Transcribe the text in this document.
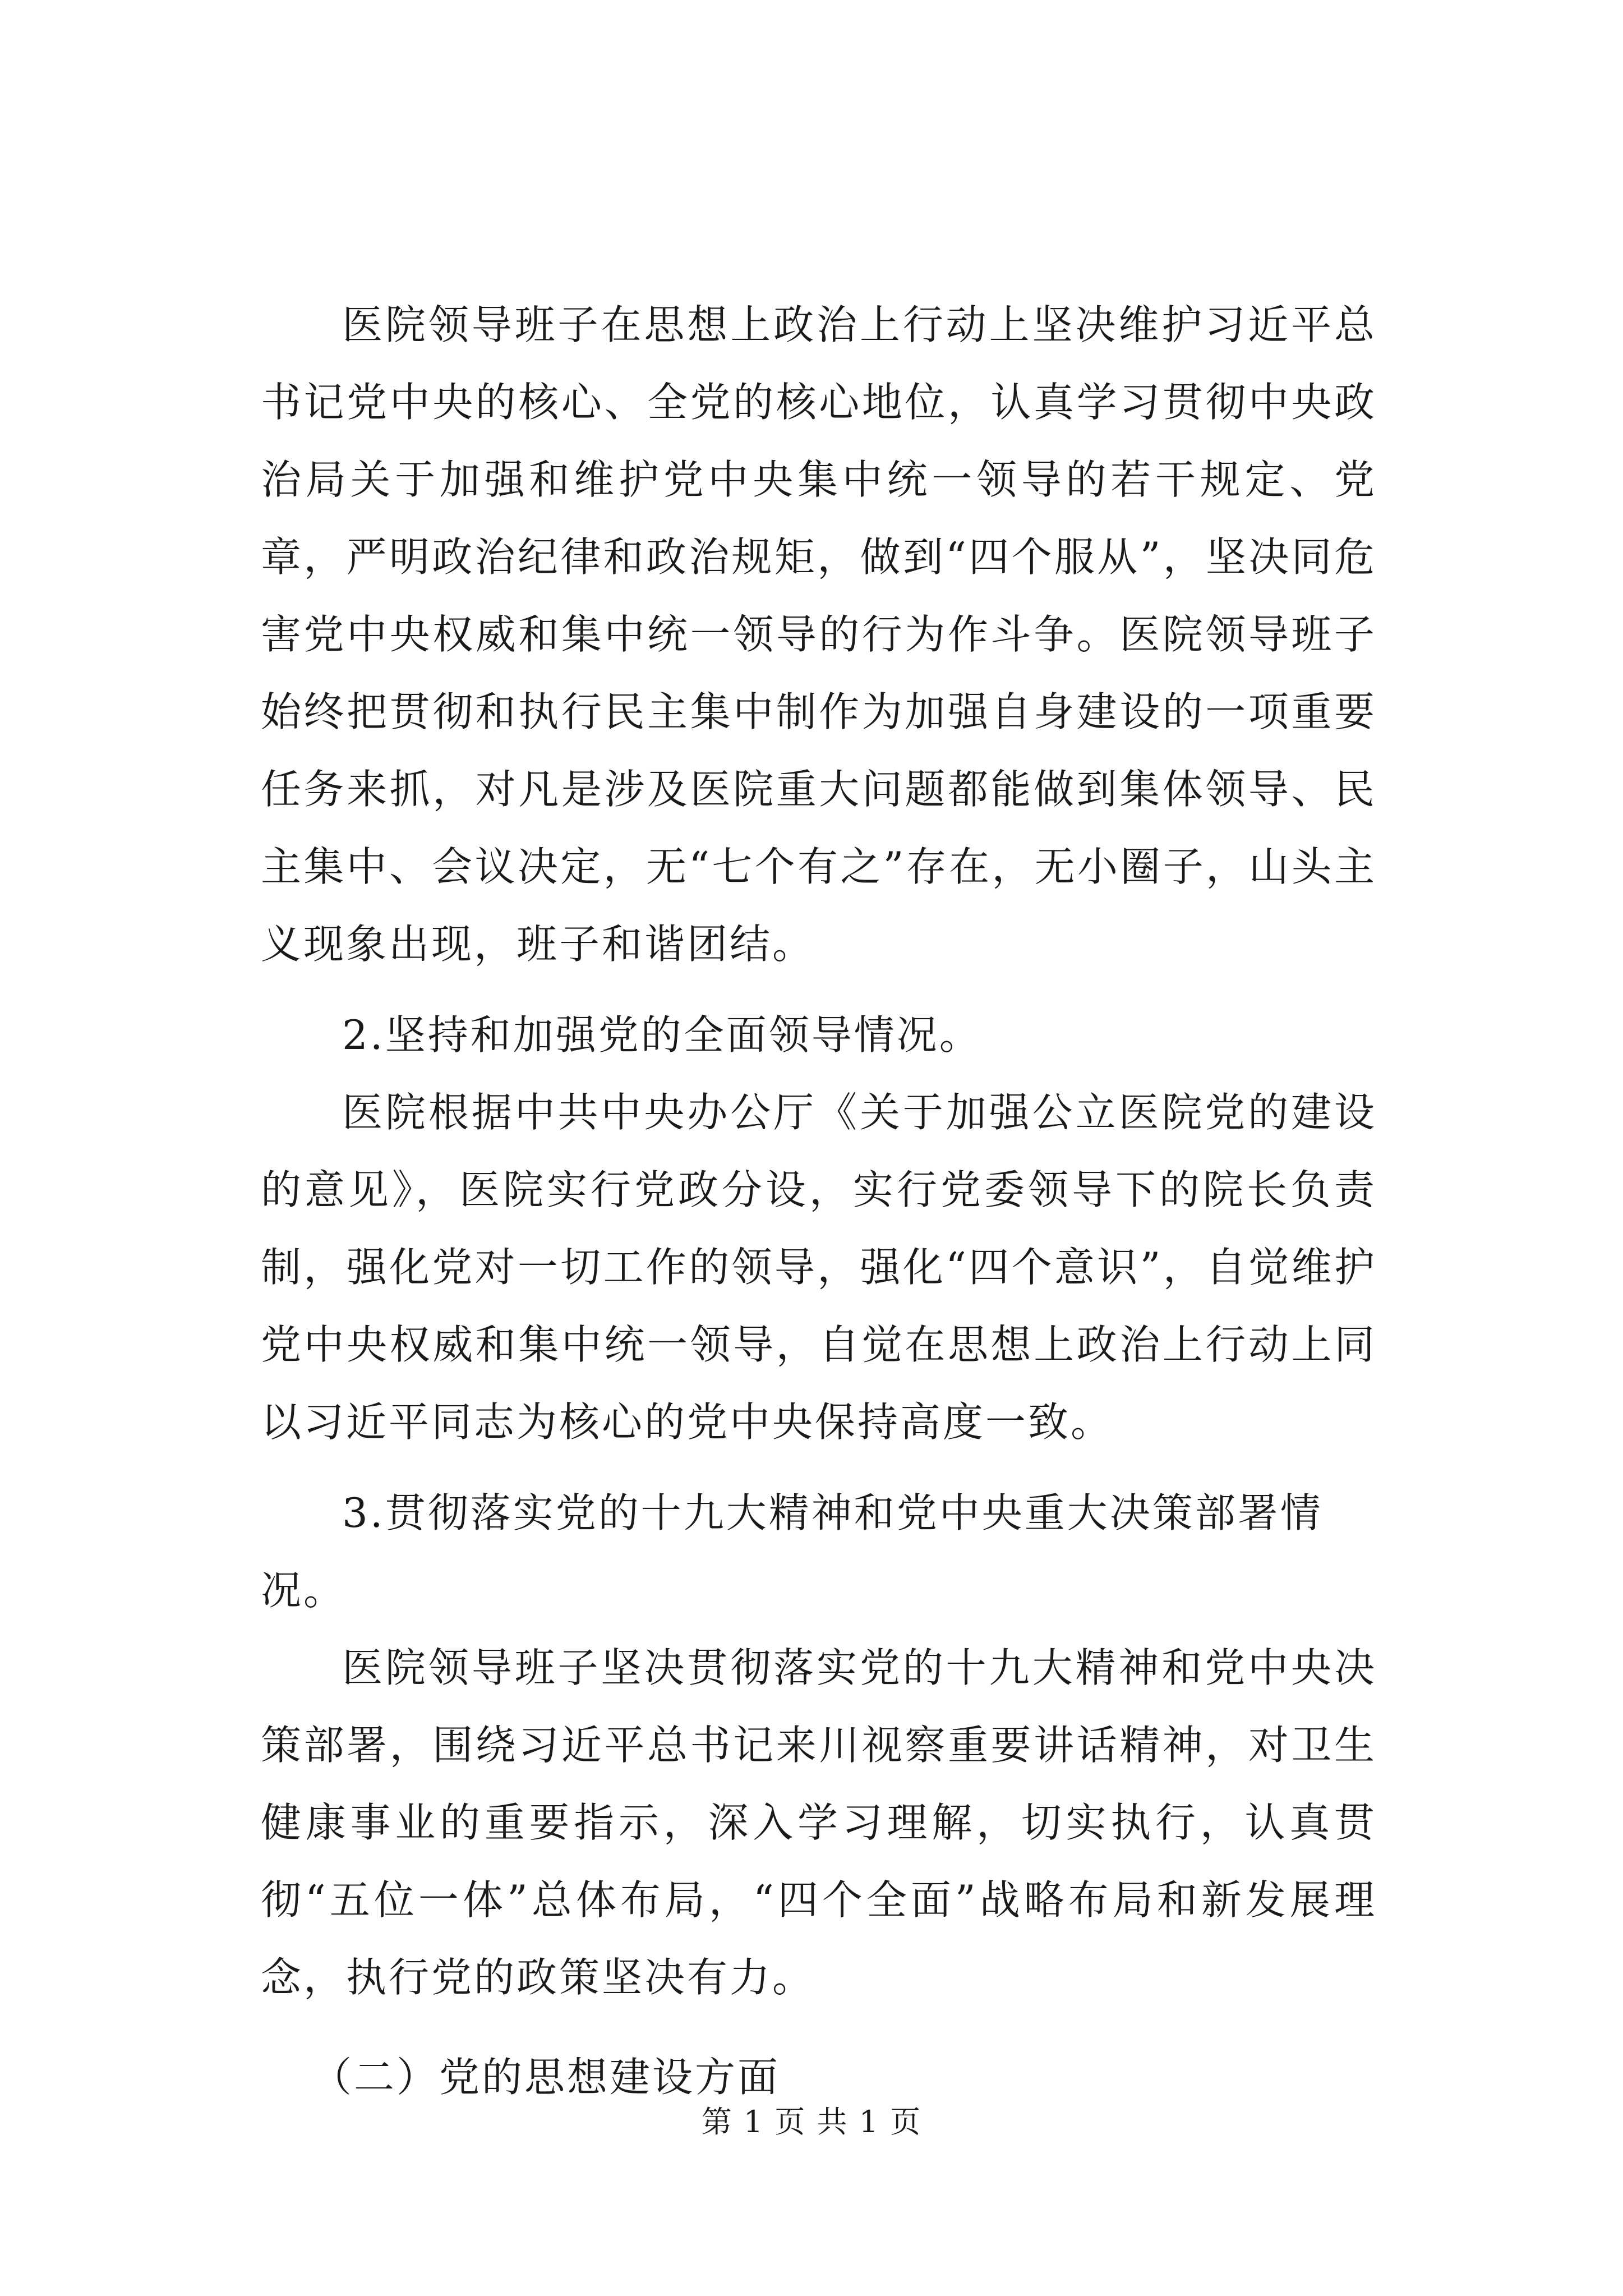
医院领导班子在思想上政治上行动上坚决维护习近平总书记党中央的核心、全党的核心地位，认真学习贯彻中央政治局关于加强和维护党中央集中统一领导的若干规定、党章，严明政治纪律和政治规矩，做到“四个服从”，坚决同危害党中央权威和集中统一领导的行为作斗争。医院领导班子始终把贯彻和执行民主集中制作为加强自身建设的一项重要任务来抓，对凡是涉及医院重大问题都能做到集体领导、民主集中、会议决定，无“七个有之”存在，无小圈子，山头主义现象出现，班子和谐团结。

2.坚持和加强党的全面领导情况。

医院根据中共中央办公厅《关于加强公立医院党的建设的意见》，医院实行党政分设，实行党委领导下的院长负责制，强化党对一切工作的领导，强化“四个意识”，自觉维护党中央权威和集中统一领导，自觉在思想上政治上行动上同以习近平同志为核心的党中央保持高度一致。

3.贯彻落实党的十九大精神和党中央重大决策部署情况。

医院领导班子坚决贯彻落实党的十九大精神和党中央决策部署，围绕习近平总书记来川视察重要讲话精神，对卫生健康事业的重要指示，深入学习理解，切实执行，认真贯彻“五位一体”总体布局，“四个全面”战略布局和新发展理念，执行党的政策坚决有力。

（二）党的思想建设方面

第 1 页 共 1 页
